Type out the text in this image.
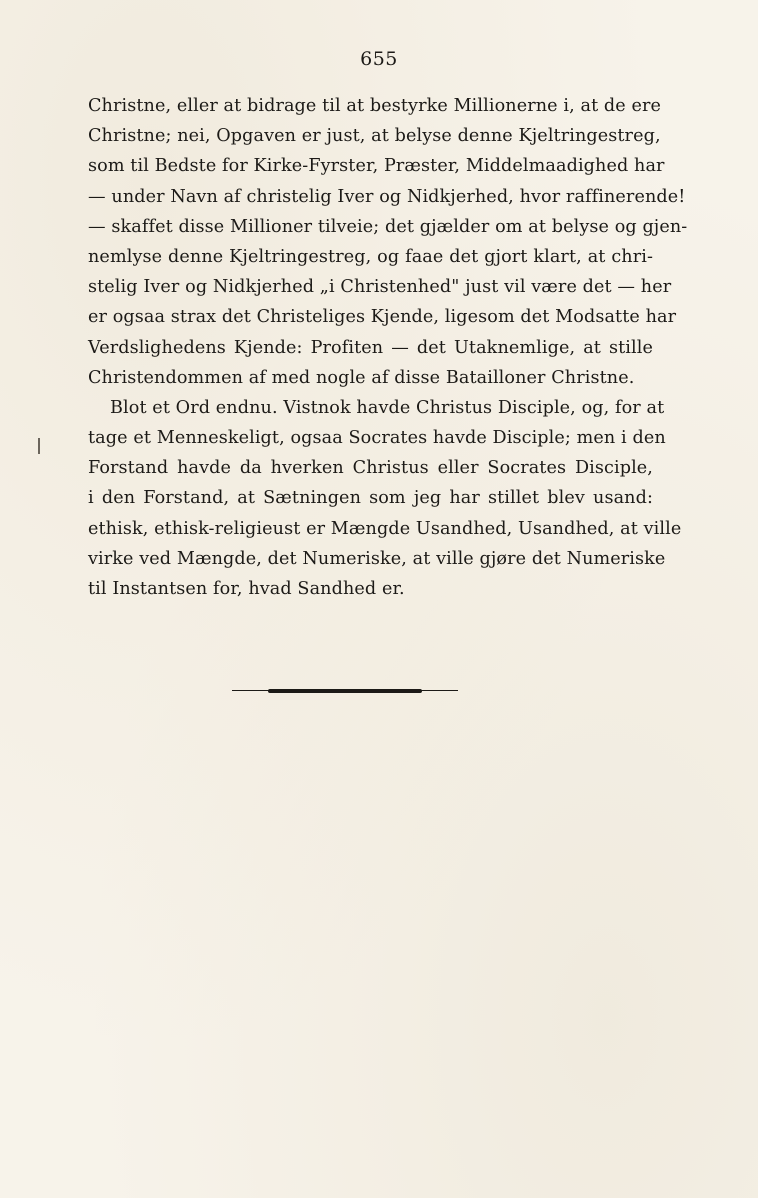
655
Christne, eller at bidrage til at bestyrke Millionerne i, at de ere
Christne; nei, Opgaven er just, at belyse denne Kjeltringestreg,
som til Bedste for Kirke-Fyrster, Præster, Middelmaadighed har
— under Navn af christelig Iver og Nidkjerhed, hvor raffinerende!
— skaffet disse Millioner tilveie; det gjælder om at belyse og gjen-
nemlyse denne Kjeltringestreg, og faae det gjort klart, at chri-
stelig Iver og Nidkjerhed „i Christenhed" just vil være det — her
er ogsaa strax det Christeliges Kjende, ligesom det Modsatte har
Verdslighedens Kjende: Profiten — det Utaknemlige, at stille
Christendommen af med nogle af disse Batailloner Christne.
Blot et Ord endnu. Vistnok havde Christus Disciple, og, for at
tage et Menneskeligt, ogsaa Socrates havde Disciple; men i den
Forstand havde da hverken Christus eller Socrates Disciple,
i den Forstand, at Sætningen som jeg har stillet blev usand:
ethisk, ethisk-religieust er Mængde Usandhed, Usandhed, at ville
virke ved Mængde, det Numeriske, at ville gjøre det Numeriske
til Instantsen for, hvad Sandhed er.
